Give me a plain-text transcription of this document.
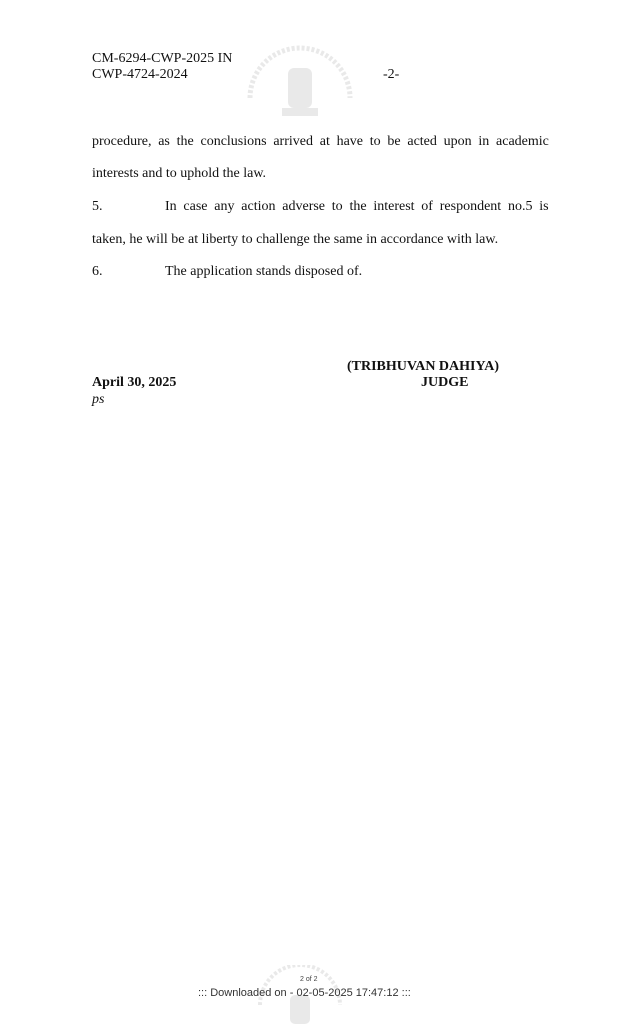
CM-6294-CWP-2025 IN
CWP-4724-2024	-2-
procedure, as the conclusions arrived at have to be acted upon in academic
interests and to uphold the law.
5.	In case any action adverse to the interest of respondent no.5 is
taken, he will be at liberty to challenge the same in accordance with law.
6.	The application stands disposed of.
(TRIBHUVAN DAHIYA)
JUDGE
April 30, 2025
ps
2 of 2
::: Downloaded on - 02-05-2025 17:47:12 :::
